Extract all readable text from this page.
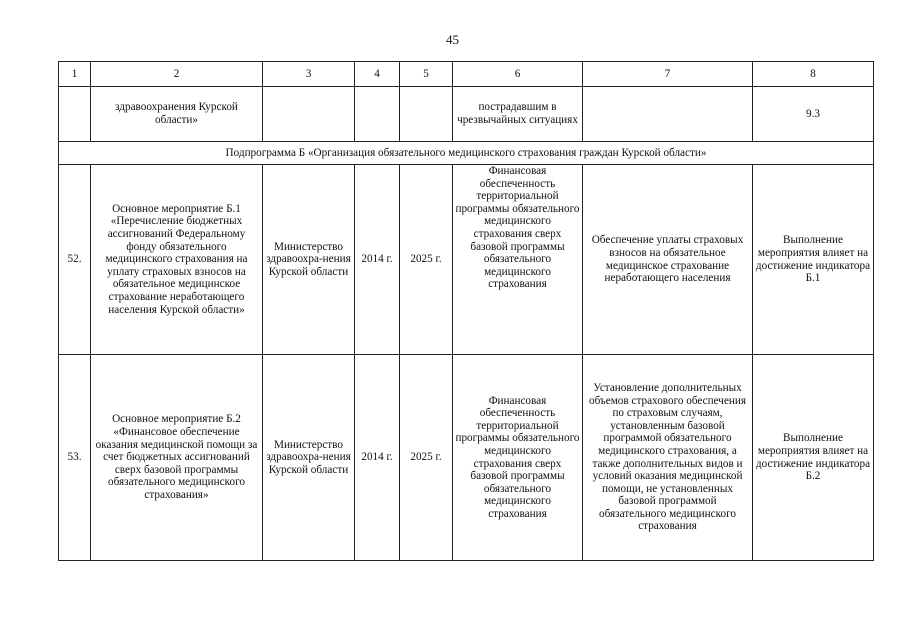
45
1	2	3	4	5	6	7	8
	здравоохранения Курской области»				пострадавшим в чрезвычайных ситуациях		9.3
Подпрограмма Б «Организация обязательного медицинского страхования граждан Курской области»							
52.	Основное мероприятие Б.1 «Перечисление бюджетных ассигнований Федеральному фонду обязательного медицинского страхования на уплату страховых взносов на обязательное медицинское страхование неработающего населения Курской области»	Министерство здравоохра-нения Курской области	2014 г.	2025 г.	Финансовая обеспеченность территориальной программы обязательного медицинского страхования сверх базовой программы обязательного медицинского страхования	Обеспечение уплаты страховых взносов на обязательное медицинское страхование неработающего населения	Выполнение мероприятия влияет на достижение индикатора Б.1
53.	Основное мероприятие Б.2 «Финансовое обеспечение оказания медицинской помощи за счет бюджетных ассигнований сверх базовой программы обязательного медицинского страхования»	Министерство здравоохра-нения Курской области	2014 г.	2025 г.	Финансовая обеспеченность территориальной программы обязательного медицинского страхования сверх базовой программы обязательного медицинского страхования	Установление дополнительных объемов страхового обеспечения по страховым случаям, установленным базовой программой обязательного медицинского страхования, а также дополнительных видов и условий оказания медицинской помощи, не установленных базовой программой обязательного медицинского страхования	Выполнение мероприятия влияет на достижение индикатора Б.2
